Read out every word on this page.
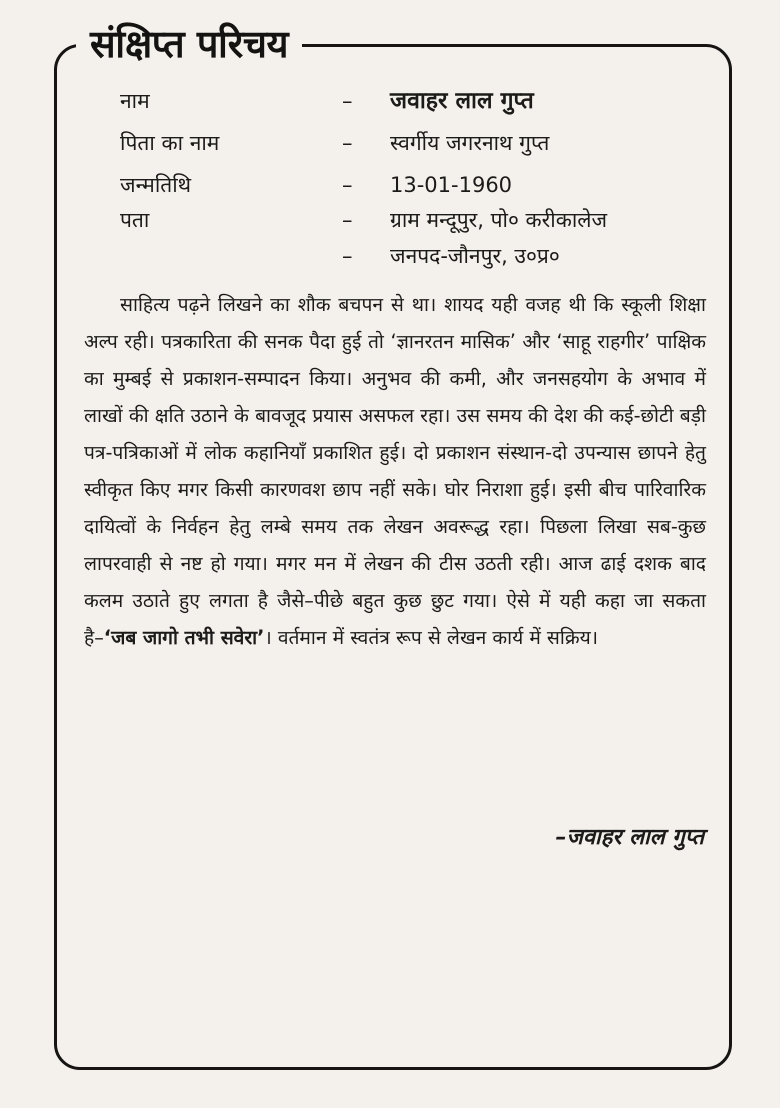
संक्षिप्त परिचय
नाम	– जवाहर लाल गुप्त
पिता का नाम	– स्वर्गीय जगरनाथ गुप्त
जन्मतिथि	– 13-01-1960
पता	– ग्राम मन्दूपुर, पो० करीकालेज
– जनपद-जौनपुर, उ०प्र०
साहित्य पढ़ने लिखने का शौक बचपन से था। शायद यही वजह थी कि स्कूली शिक्षा अल्प रही। पत्रकारिता की सनक पैदा हुई तो ‘ज्ञानरतन मासिक’ और ‘साहू राहगीर’ पाक्षिक का मुम्बई से प्रकाशन-सम्पादन किया। अनुभव की कमी, और जनसहयोग के अभाव में लाखों की क्षति उठाने के बावजूद प्रयास असफल रहा। उस समय की देश की कई-छोटी बड़ी पत्र-पत्रिकाओं में लोक कहानियाँ प्रकाशित हुई। दो प्रकाशन संस्थान-दो उपन्यास छापने हेतु स्वीकृत किए मगर किसी कारणवश छाप नहीं सके। घोर निराशा हुई। इसी बीच पारिवारिक दायित्वों के निर्वहन हेतु लम्बे समय तक लेखन अवरूद्ध रहा। पिछला लिखा सब-कुछ लापरवाही से नष्ट हो गया। मगर मन में लेखन की टीस उठती रही। आज ढाई दशक बाद कलम उठाते हुए लगता है जैसे–पीछे बहुत कुछ छुट गया। ऐसे में यही कहा जा सकता है–‘जब जागो तभी सवेरा’। वर्तमान में स्वतंत्र रूप से लेखन कार्य में सक्रिय।
–जवाहर लाल गुप्त
